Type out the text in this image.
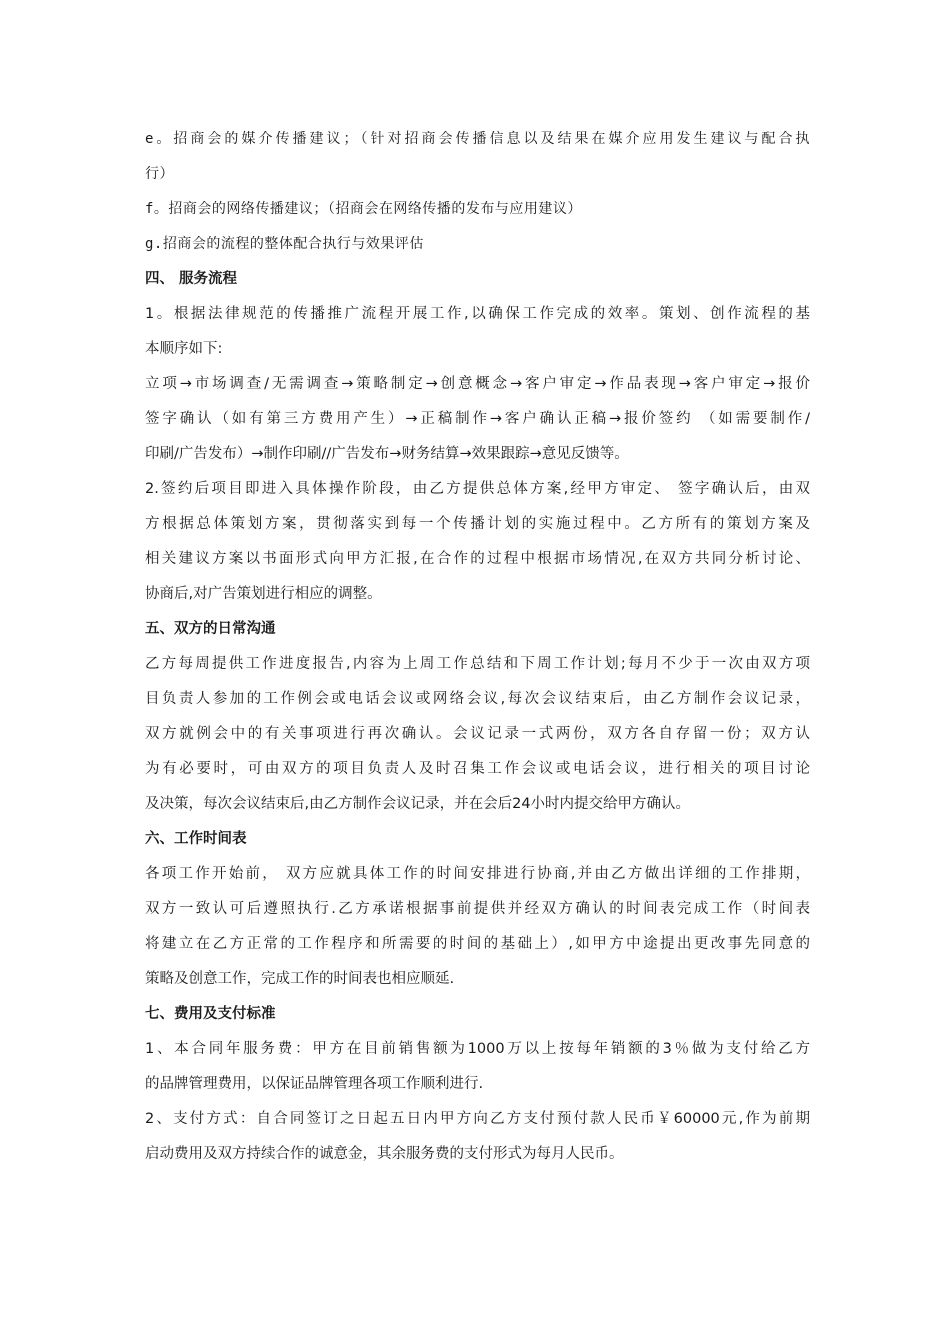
e。招商会的媒介传播建议；（针对招商会传播信息以及结果在媒介应用发生建议与配合执
行）
f。招商会的网络传播建议；（招商会在网络传播的发布与应用建议）
g.招商会的流程的整体配合执行与效果评估
四、 服务流程
1。根据法律规范的传播推广流程开展工作,以确保工作完成的效率。策划、创作流程的基
本顺序如下:
立项→市场调查/无需调查→策略制定→创意概念→客户审定→作品表现→客户审定→报价
签字确认（如有第三方费用产生）→正稿制作→客户确认正稿→报价签约 （如需要制作/
印刷/广告发布）→制作印刷//广告发布→财务结算→效果跟踪→意见反馈等。
2.签约后项目即进入具体操作阶段，由乙方提供总体方案,经甲方审定、 签字确认后，由双
方根据总体策划方案，贯彻落实到每一个传播计划的实施过程中。乙方所有的策划方案及
相关建议方案以书面形式向甲方汇报,在合作的过程中根据市场情况,在双方共同分析讨论、
协商后,对广告策划进行相应的调整。
五、双方的日常沟通
乙方每周提供工作进度报告,内容为上周工作总结和下周工作计划;每月不少于一次由双方项
目负责人参加的工作例会或电话会议或网络会议,每次会议结束后，由乙方制作会议记录，
双方就例会中的有关事项进行再次确认。会议记录一式两份，双方各自存留一份；双方认
为有必要时，可由双方的项目负责人及时召集工作会议或电话会议，进行相关的项目讨论
及决策，每次会议结束后,由乙方制作会议记录，并在会后24小时内提交给甲方确认。
六、工作时间表
各项工作开始前， 双方应就具体工作的时间安排进行协商,并由乙方做出详细的工作排期，
双方一致认可后遵照执行.乙方承诺根据事前提供并经双方确认的时间表完成工作（时间表
将建立在乙方正常的工作程序和所需要的时间的基础上）,如甲方中途提出更改事先同意的
策略及创意工作，完成工作的时间表也相应顺延.
七、费用及支付标准
1、本合同年服务费：甲方在目前销售额为1000万以上按每年销额的3％做为支付给乙方
的品牌管理费用，以保证品牌管理各项工作顺利进行.
2、支付方式：自合同签订之日起五日内甲方向乙方支付预付款人民币￥60000元,作为前期
启动费用及双方持续合作的诚意金，其余服务费的支付形式为每月人民币。
